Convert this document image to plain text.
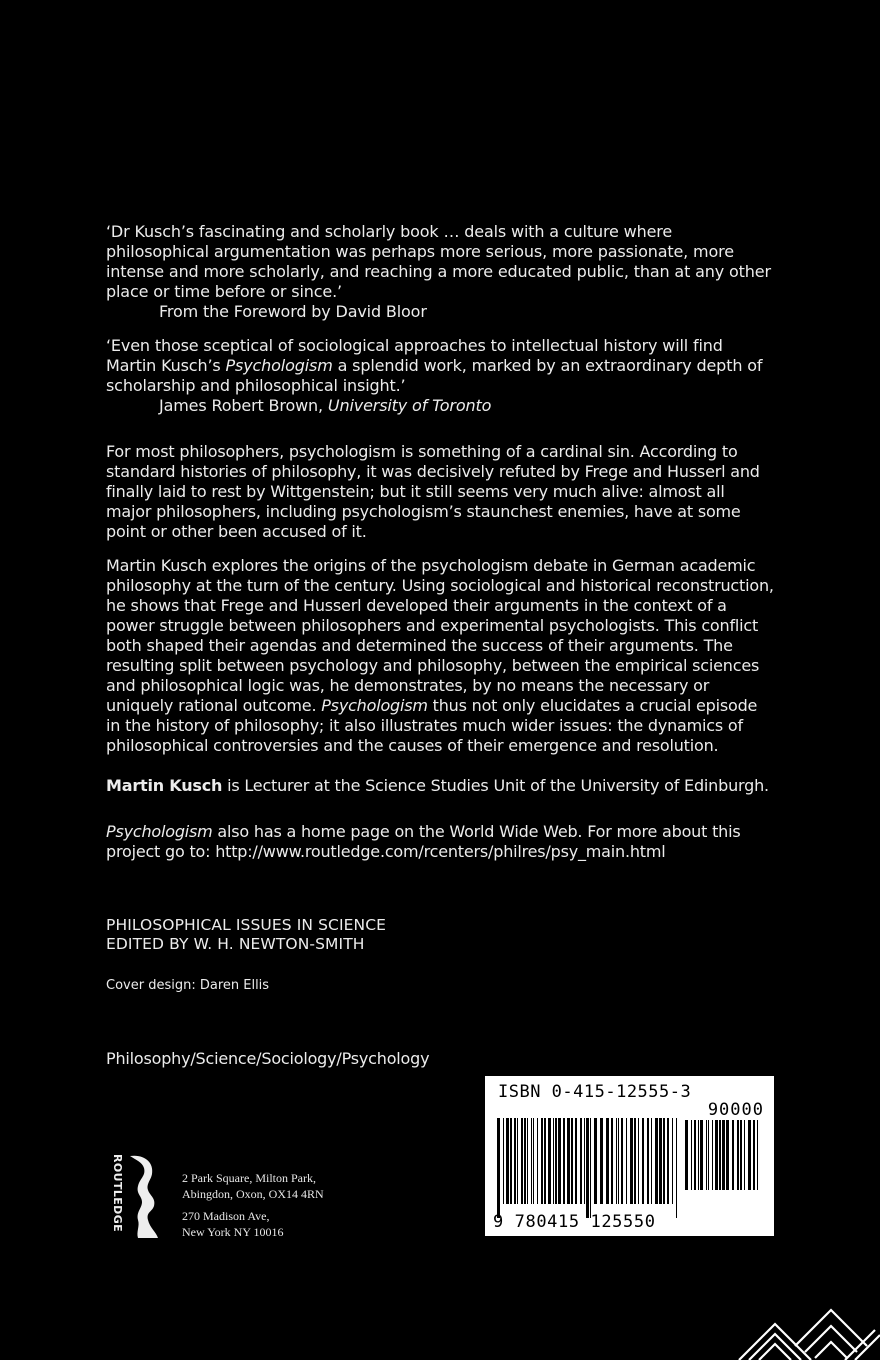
‘Dr Kusch’s fascinating and scholarly book … deals with a culture where philosophical argumentation was perhaps more serious, more passionate, more intense and more scholarly, and reaching a more educated public, than at any other place or time before or since.’

From the Foreword by David Bloor

‘Even those sceptical of sociological approaches to intellectual history will find Martin Kusch’s Psychologism a splendid work, marked by an extraordinary depth of scholarship and philosophical insight.’

James Robert Brown, University of Toronto

For most philosophers, psychologism is something of a cardinal sin. According to standard histories of philosophy, it was decisively refuted by Frege and Husserl and finally laid to rest by Wittgenstein; but it still seems very much alive: almost all major philosophers, including psychologism’s staunchest enemies, have at some point or other been accused of it.

Martin Kusch explores the origins of the psychologism debate in German academic philosophy at the turn of the century. Using sociological and historical reconstruction, he shows that Frege and Husserl developed their arguments in the context of a power struggle between philosophers and experimental psychologists. This conflict both shaped their agendas and determined the success of their arguments. The resulting split between psychology and philosophy, between the empirical sciences and philosophical logic was, he demonstrates, by no means the necessary or uniquely rational outcome. Psychologism thus not only elucidates a crucial episode in the history of philosophy; it also illustrates much wider issues: the dynamics of philosophical controversies and the causes of their emergence and resolution.

Martin Kusch is Lecturer at the Science Studies Unit of the University of Edinburgh.

Psychologism also has a home page on the World Wide Web. For more about this project go to: http://www.routledge.com/rcenters/philres/psy_main.html

PHILOSOPHICAL ISSUES IN SCIENCE

EDITED BY W. H. NEWTON-SMITH

Cover design: Daren Ellis

Philosophy/Science/Sociology/Psychology

ROUTLEDGE	2 Park Square, Milton Park,

Abingdon, Oxon, OX14 4RN

270 Madison Ave,

New York NY 10016

ISBN 0-415-12555-3
90000
9 780415 125550
